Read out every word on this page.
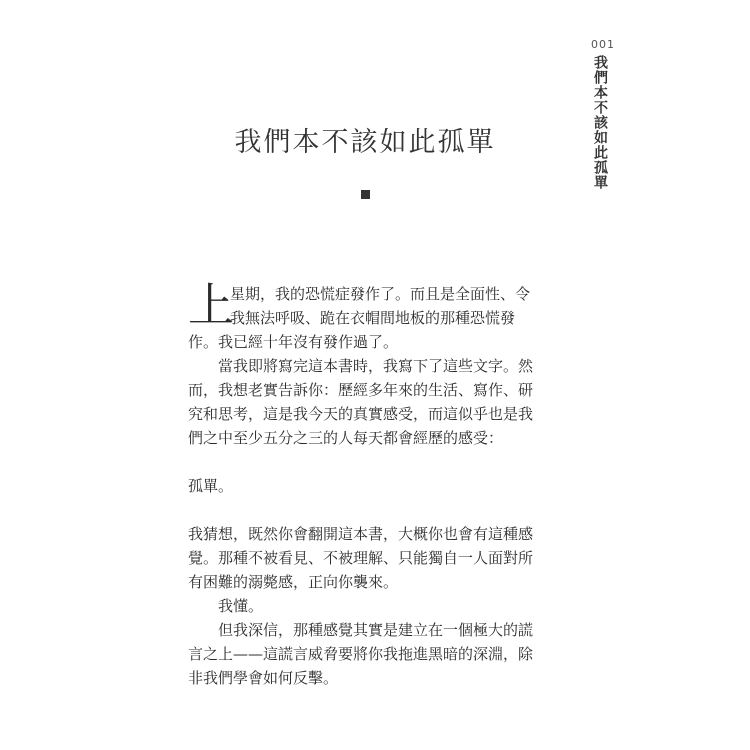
001
我們本不該如此孤單
我們本不該如此孤單
上
星期，我的恐慌症發作了。而且是全面性、令
我無法呼吸、跪在衣帽間地板的那種恐慌發
作。我已經十年沒有發作過了。
當我即將寫完這本書時，我寫下了這些文字。然
而，我想老實告訴你：歷經多年來的生活、寫作、研
究和思考，這是我今天的真實感受，而這似乎也是我
們之中至少五分之三的人每天都會經歷的感受：
孤單。
我猜想，既然你會翻開這本書，大概你也會有這種感
覺。那種不被看見、不被理解、只能獨自一人面對所
有困難的溺斃感，正向你襲來。
我懂。
但我深信，那種感覺其實是建立在一個極大的謊
言之上——這謊言威脅要將你我拖進黑暗的深淵，除
非我們學會如何反擊。
